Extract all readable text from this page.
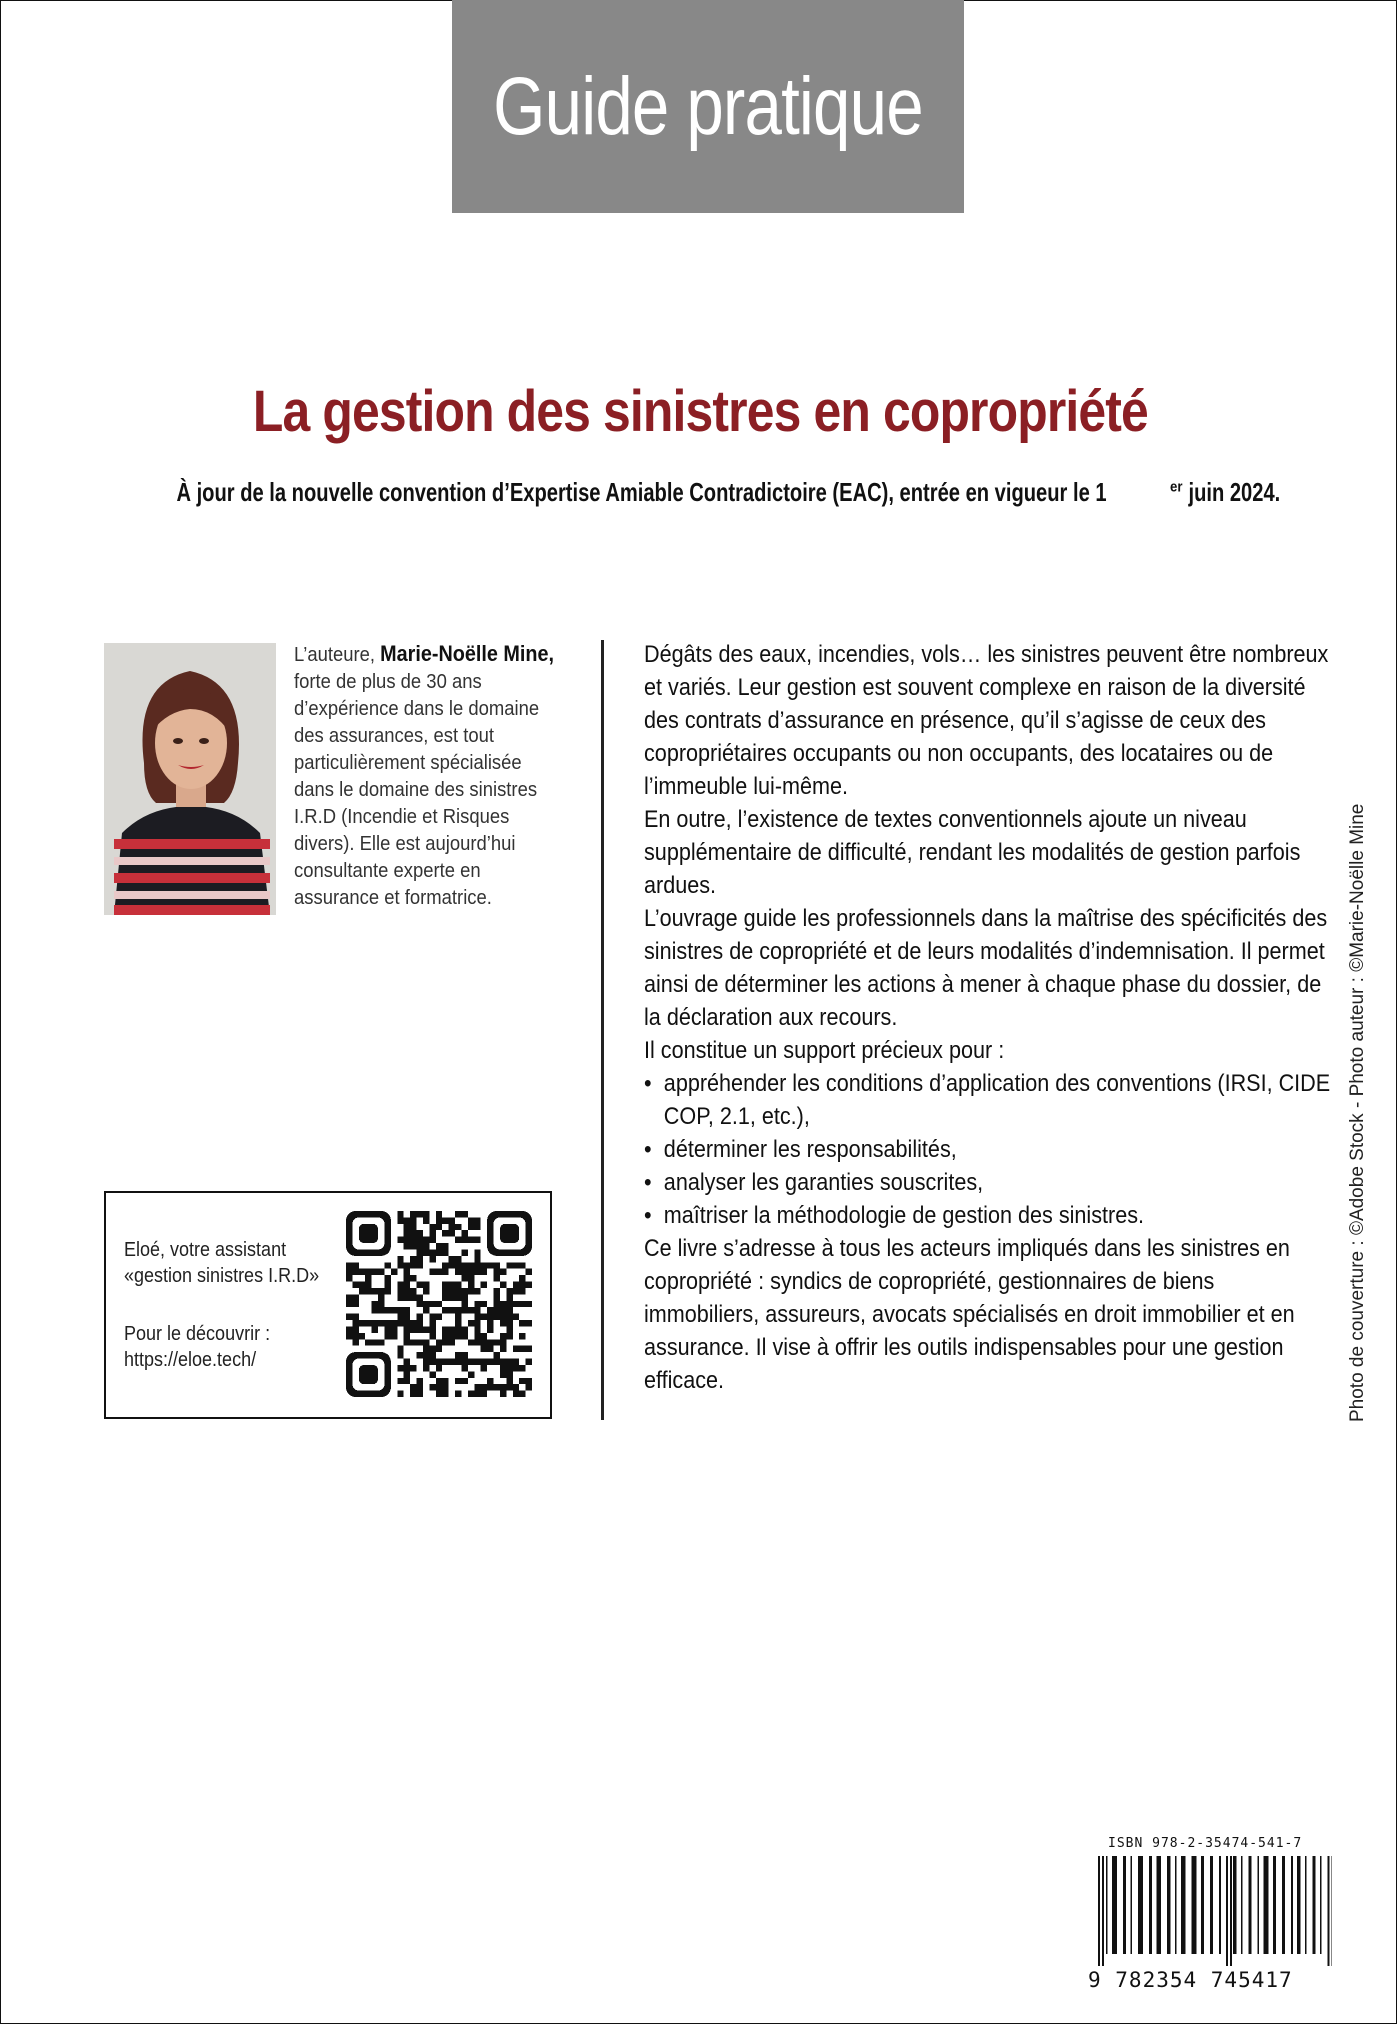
Guide pratique
La gestion des sinistres en copropriété
À jour de la nouvelle convention d’Expertise Amiable Contradictoire (EAC), entrée en vigueur le 1	$^{er}$juin 2024.
L’auteure, Marie-Noëlle Mine, forte de plus de 30 ans d’expérience dans le domaine des assurances, est tout particulièrement spécialisée dans le domaine des sinistres I.R.D (Incendie et Risques divers). Elle est aujourd’hui consultante experte en assurance et formatrice.
Eloé, votre assistant
«gestion sinistres I.R.D»
Pour le découvrir :
https://eloe.tech/

Dégâts des eaux, incendies, vols… les sinistres peuvent être nombreux et variés. Leur gestion est souvent complexe en raison de la diversité des contrats d’assurance en présence, qu’il s’agisse de ceux des copropriétaires occupants ou non occupants, des locataires ou de l’immeuble lui-même.

En outre, l’existence de textes conventionnels ajoute un niveau supplémentaire de difficulté, rendant les modalités de gestion parfois ardues.

L’ouvrage guide les professionnels dans la maîtrise des spécificités des sinistres de copropriété et de leurs modalités d’indemnisation. Il permet ainsi de déterminer les actions à mener à chaque phase du dossier, de la déclaration aux recours.

Il constitue un support précieux pour :

• appréhender les conditions d’application des conventions (IRSI, CIDE COP, 2.1, etc.),
• déterminer les responsabilités,
• analyser les garanties souscrites,
• maîtriser la méthodologie de gestion des sinistres.

Ce livre s’adresse à tous les acteurs impliqués dans les sinistres en copropriété : syndics de copropriété, gestionnaires de biens immobiliers, assureurs, avocats spécialisés en droit immobilier et en assurance. Il vise à offrir les outils indispensables pour une gestion efficace.	Photo de couverture : ©Adobe Stock - Photo auteur : ©Marie-Noëlle Mine
ISBN 978-2-35474-541-7
9 782354 745417
